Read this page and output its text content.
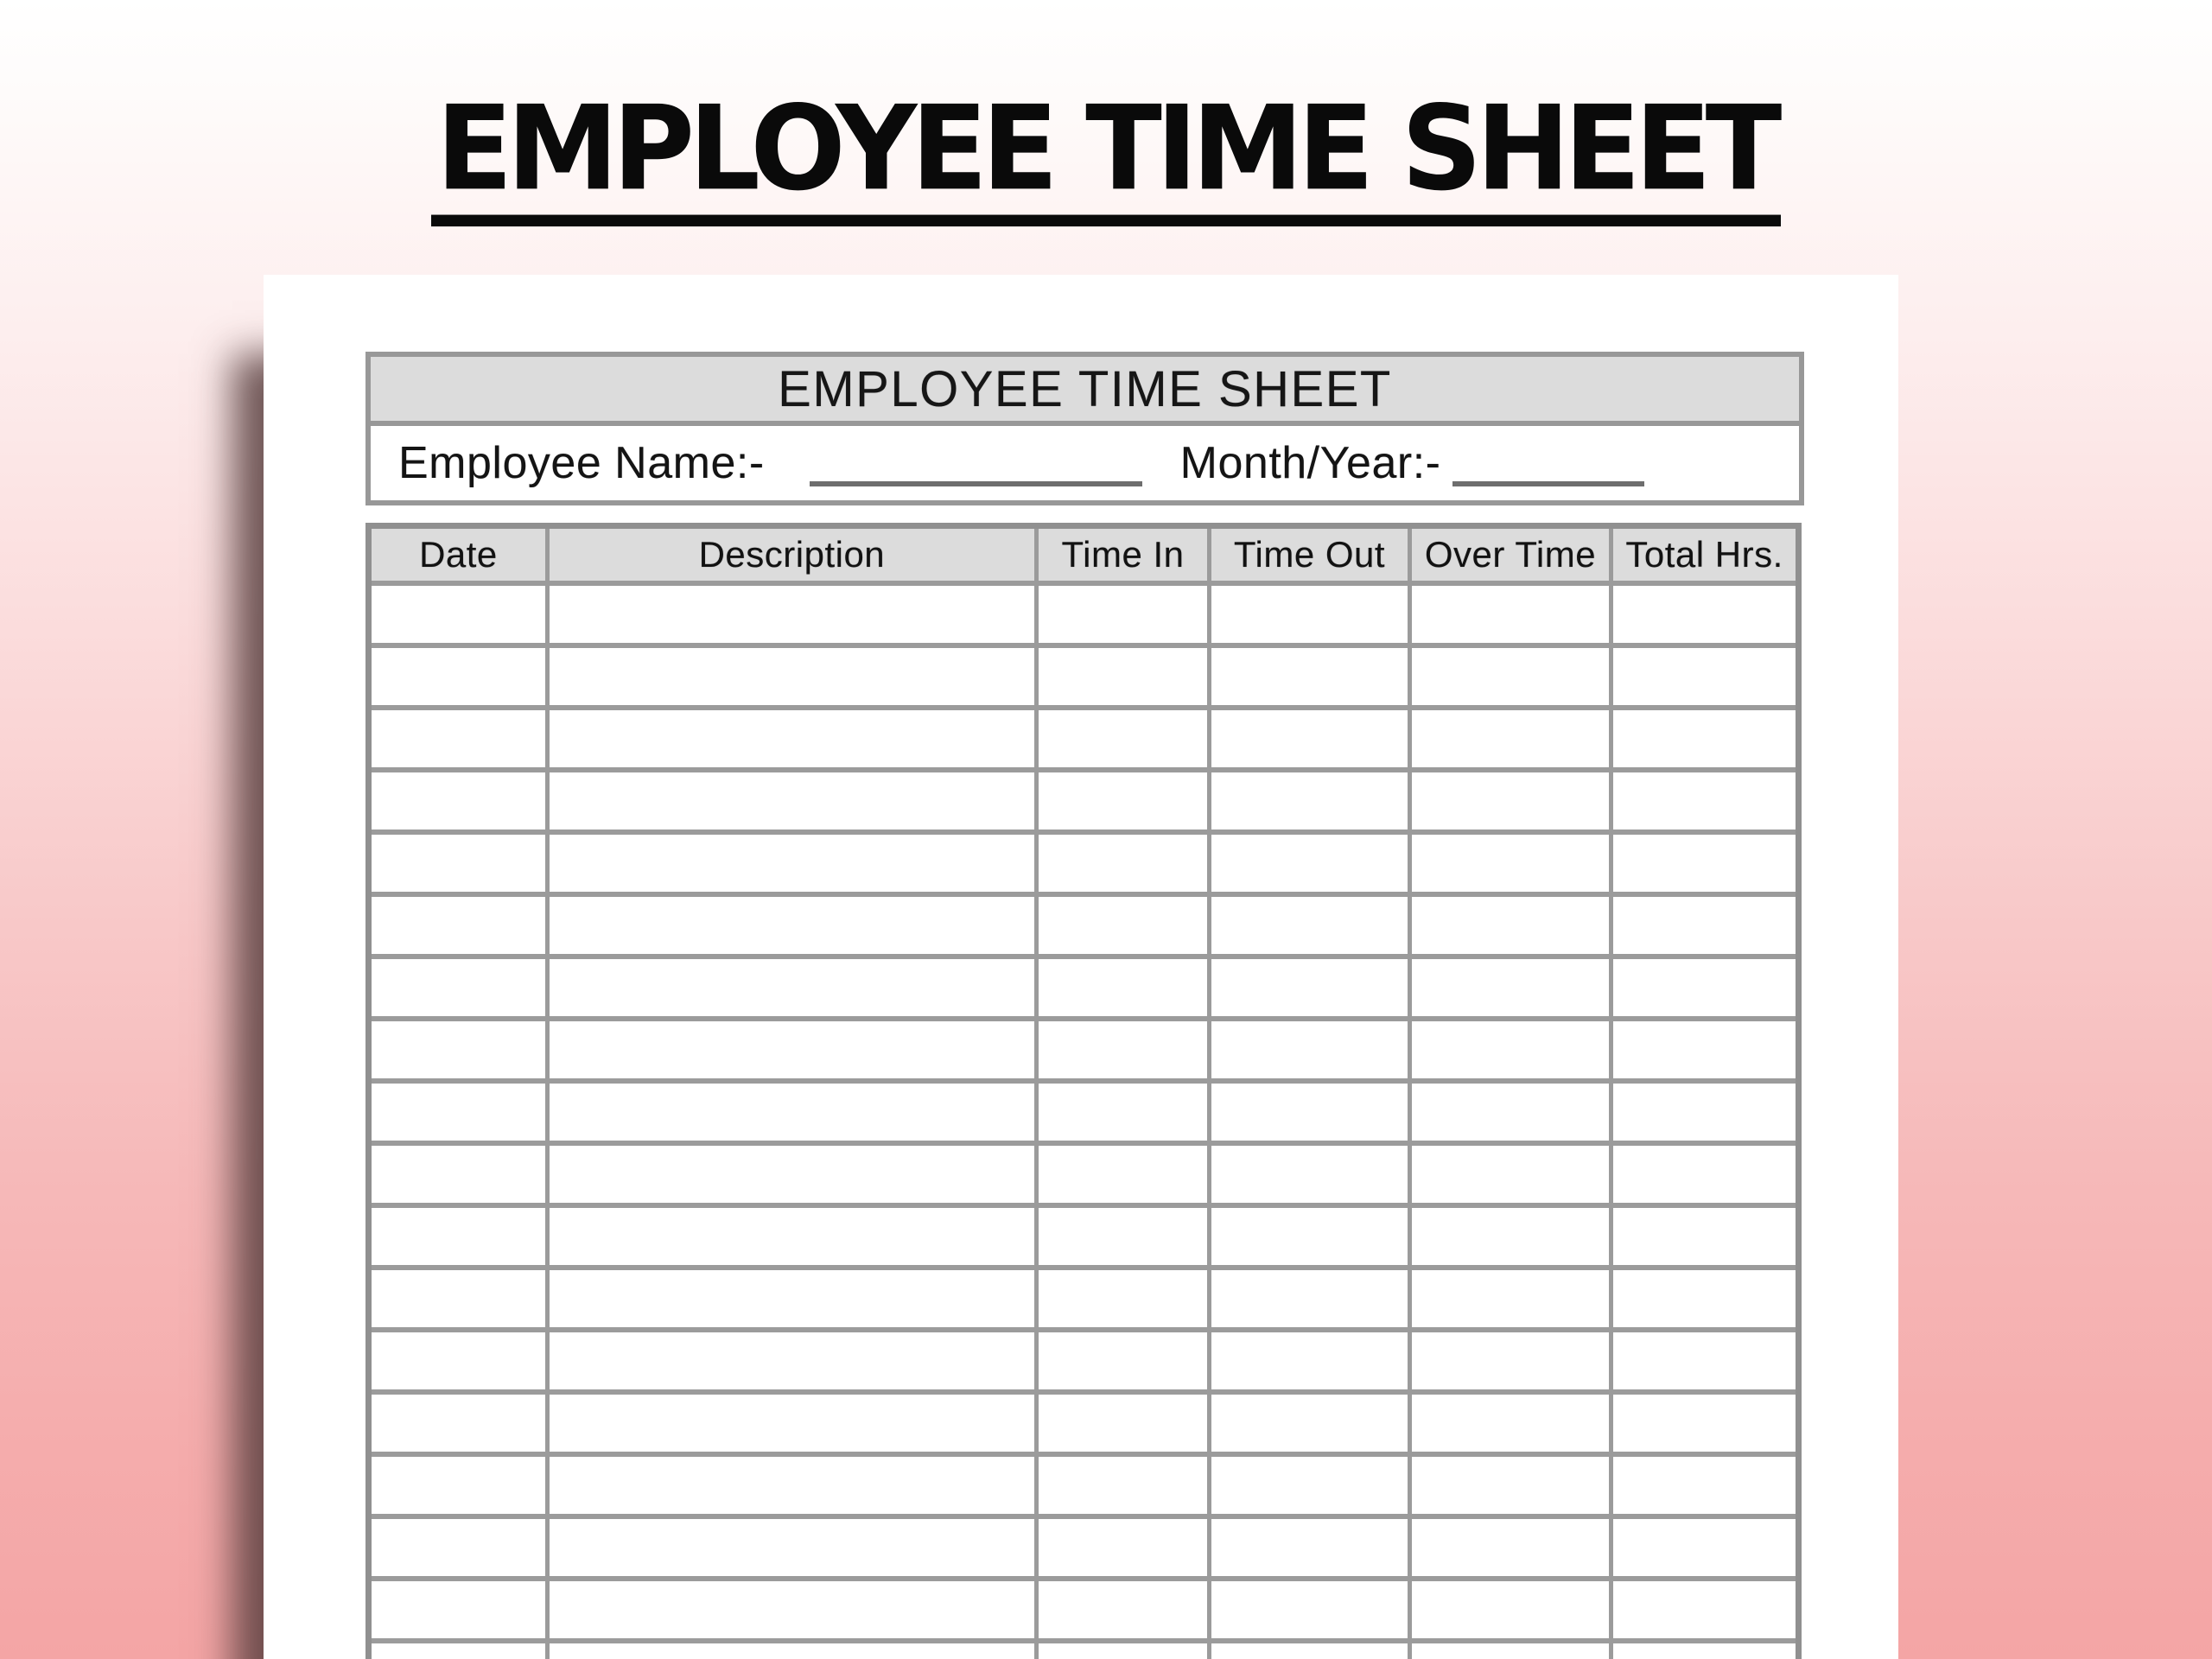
EMPLOYEE TIME SHEET
EMPLOYEE TIME SHEET
Employee Name:-	Month/Year:-
Date	Description	Time In	Time Out	Over Time	Total Hrs.
